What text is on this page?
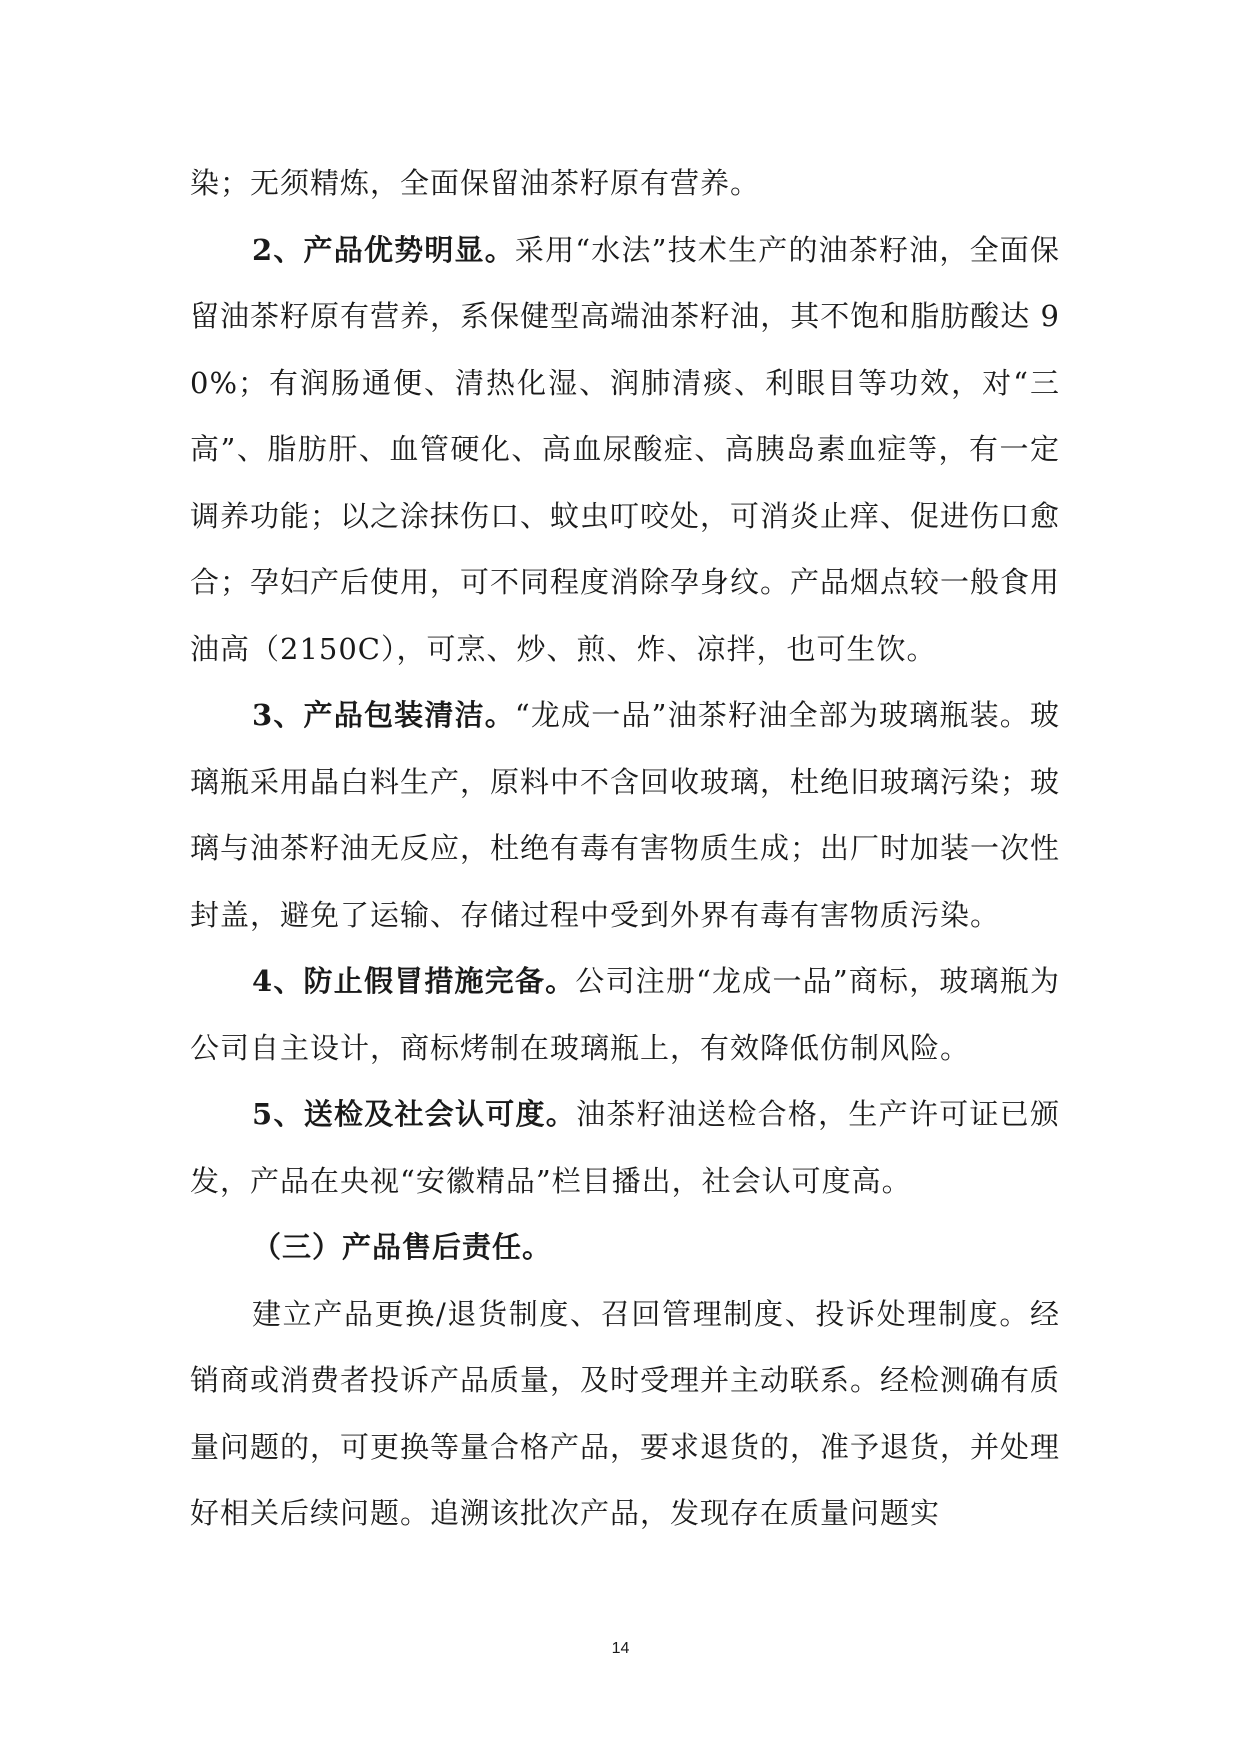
染；无须精炼，全面保留油茶籽原有营养。

2、产品优势明显。采用“水法”技术生产的油茶籽油，全面保留油茶籽原有营养，系保健型高端油茶籽油，其不饱和脂肪酸达 90%；有润肠通便、清热化湿、润肺清痰、利眼目等功效，对“三高”、脂肪肝、血管硬化、高血尿酸症、高胰岛素血症等，有一定调养功能；以之涂抹伤口、蚊虫叮咬处，可消炎止痒、促进伤口愈合；孕妇产后使用，可不同程度消除孕身纹。产品烟点较一般食用油高（2150C），可烹、炒、煎、炸、凉拌，也可生饮。

3、产品包装清洁。“龙成一品”油茶籽油全部为玻璃瓶装。玻璃瓶采用晶白料生产，原料中不含回收玻璃，杜绝旧玻璃污染；玻璃与油茶籽油无反应，杜绝有毒有害物质生成；出厂时加装一次性封盖，避免了运输、存储过程中受到外界有毒有害物质污染。

4、防止假冒措施完备。公司注册“龙成一品”商标，玻璃瓶为公司自主设计，商标烤制在玻璃瓶上，有效降低仿制风险。

5、送检及社会认可度。油茶籽油送检合格，生产许可证已颁发，产品在央视“安徽精品”栏目播出，社会认可度高。

（三）产品售后责任。

建立产品更换/退货制度、召回管理制度、投诉处理制度。经销商或消费者投诉产品质量，及时受理并主动联系。经检测确有质量问题的，可更换等量合格产品，要求退货的，准予退货，并处理好相关后续问题。追溯该批次产品，发现存在质量问题实

14
